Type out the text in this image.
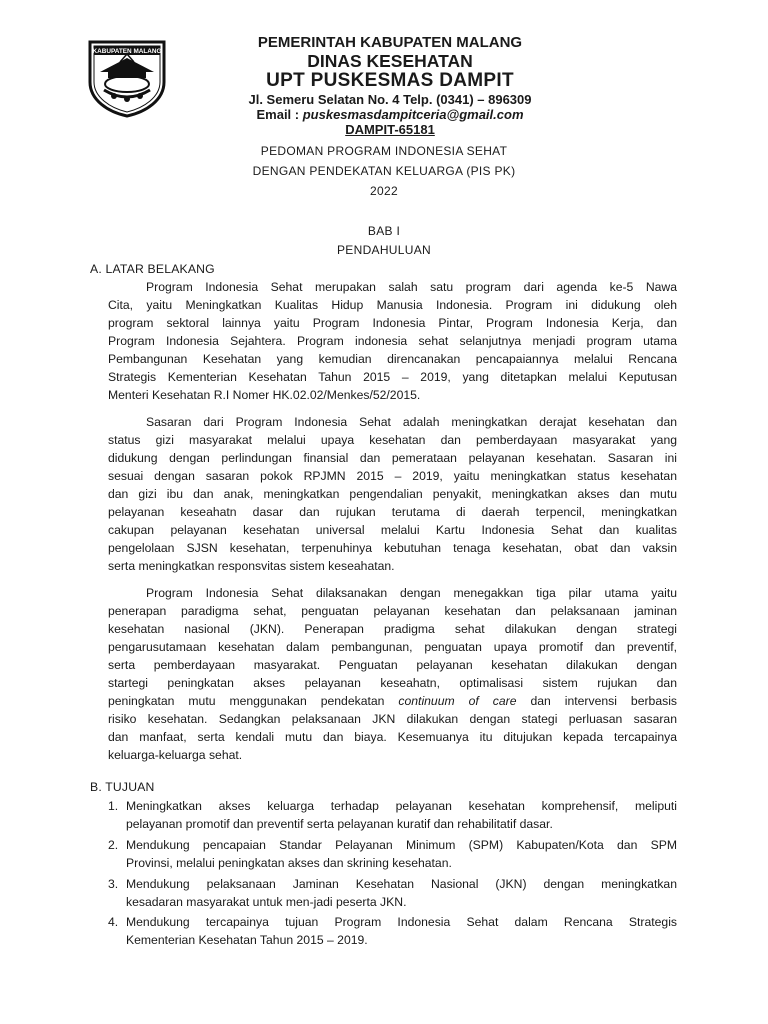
KABUPATEN MALANG
PEMERINTAH KABUPATEN MALANG
DINAS KESEHATAN
UPT PUSKESMAS DAMPIT
Jl. Semeru Selatan No. 4 Telp. (0341) – 896309
Email : puskesmasdampitceria@gmail.com
DAMPIT-65181
PEDOMAN PROGRAM INDONESIA SEHAT
DENGAN PENDEKATAN KELUARGA (PIS PK)
2022
BAB I
PENDAHULUAN
A. LATAR BELAKANG
Program Indonesia Sehat merupakan salah satu program dari agenda ke-5 Nawa
Cita, yaitu Meningkatkan Kualitas Hidup Manusia Indonesia. Program ini didukung oleh
program sektoral lainnya yaitu Program Indonesia Pintar, Program Indonesia Kerja, dan
Program Indonesia Sejahtera. Program indonesia sehat selanjutnya menjadi program utama
Pembangunan Kesehatan yang kemudian direncanakan pencapaiannya melalui Rencana
Strategis Kementerian Kesehatan Tahun 2015 – 2019, yang ditetapkan melalui Keputusan
Menteri Kesehatan R.I Nomer HK.02.02/Menkes/52/2015.
Sasaran dari Program Indonesia Sehat adalah meningkatkan derajat kesehatan dan
status gizi masyarakat melalui upaya kesehatan dan pemberdayaan masyarakat yang
didukung dengan perlindungan finansial dan pemerataan pelayanan kesehatan. Sasaran ini
sesuai dengan sasaran pokok RPJMN 2015 – 2019, yaitu meningkatkan status kesehatan
dan gizi ibu dan anak, meningkatkan pengendalian penyakit, meningkatkan akses dan mutu
pelayanan keseahatn dasar dan rujukan terutama di daerah terpencil, meningkatkan
cakupan pelayanan kesehatan universal melalui Kartu Indonesia Sehat dan kualitas
pengelolaan SJSN kesehatan, terpenuhinya kebutuhan tenaga kesehatan, obat dan vaksin
serta meningkatkan responsvitas sistem keseahatan.
Program Indonesia Sehat dilaksanakan dengan menegakkan tiga pilar utama yaitu
penerapan paradigma sehat, penguatan pelayanan kesehatan dan pelaksanaan jaminan
kesehatan nasional (JKN). Penerapan pradigma sehat dilakukan dengan strategi
pengarusutamaan kesehatan dalam pembangunan, penguatan upaya promotif dan preventif,
serta pemberdayaan masyarakat. Penguatan pelayanan kesehatan dilakukan dengan
startegi peningkatan akses pelayanan keseahatn, optimalisasi sistem rujukan dan
peningkatan mutu menggunakan pendekatan continuum of care dan intervensi berbasis
risiko kesehatan. Sedangkan pelaksanaan JKN dilakukan dengan stategi perluasan sasaran
dan manfaat, serta kendali mutu dan biaya. Kesemuanya itu ditujukan kepada tercapainya
keluarga-keluarga sehat.
B. TUJUAN
1. Meningkatkan akses keluarga terhadap pelayanan kesehatan komprehensif, meliputi
pelayanan promotif dan preventif serta pelayanan kuratif dan rehabilitatif dasar.
2. Mendukung pencapaian Standar Pelayanan Minimum (SPM) Kabupaten/Kota dan SPM
Provinsi, melalui peningkatan akses dan skrining kesehatan.
3. Mendukung pelaksanaan Jaminan Kesehatan Nasional (JKN) dengan meningkatkan
kesadaran masyarakat untuk men-jadi peserta JKN.
4. Mendukung tercapainya tujuan Program Indonesia Sehat dalam Rencana Strategis
Kementerian Kesehatan Tahun 2015 – 2019.
